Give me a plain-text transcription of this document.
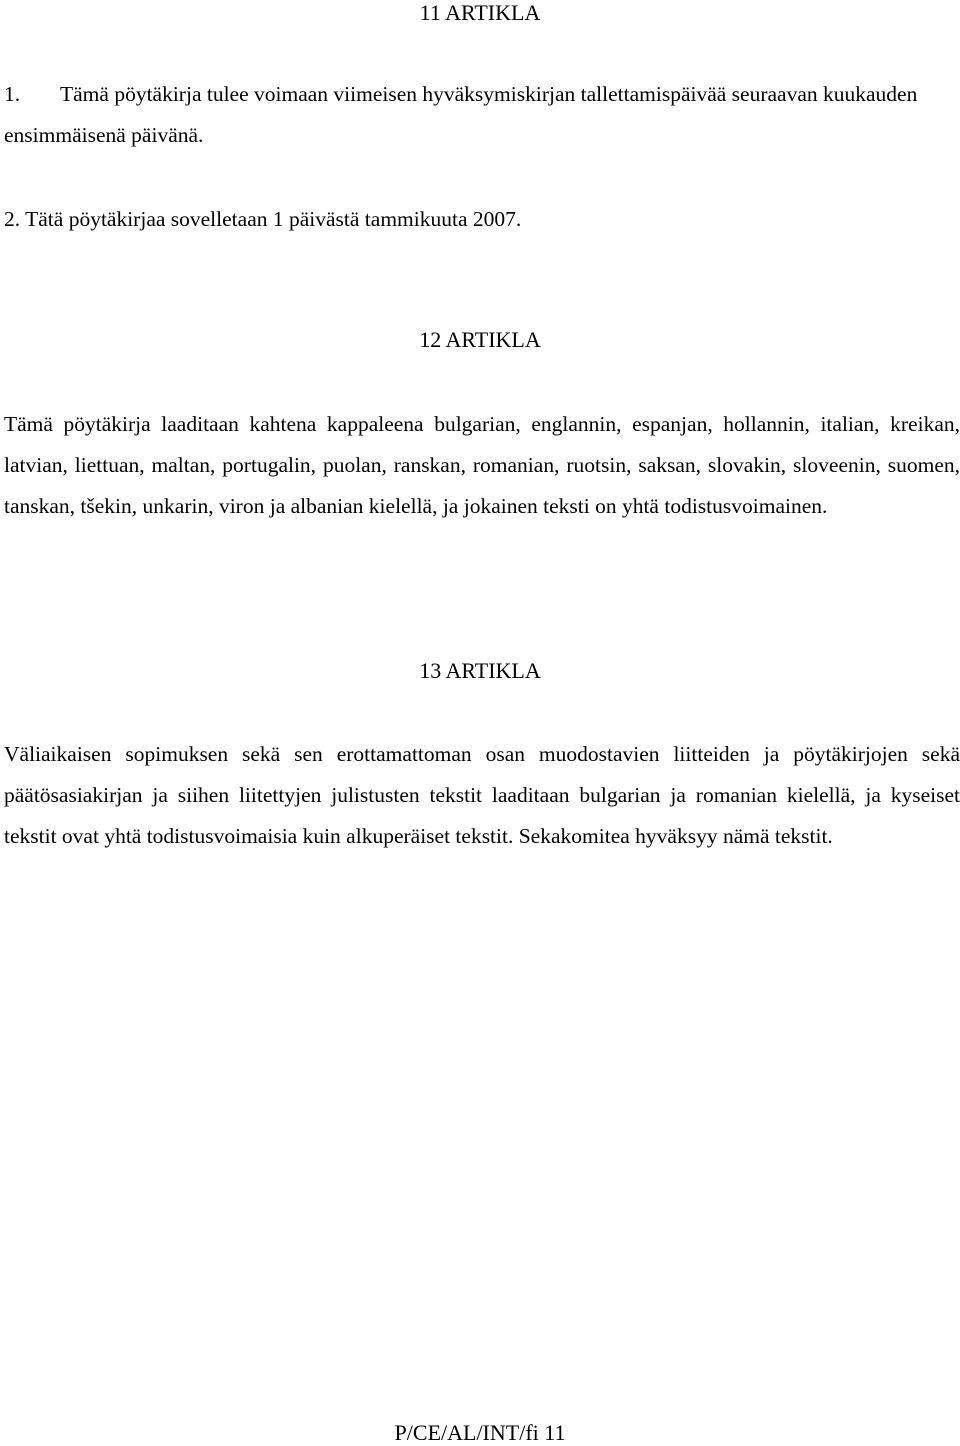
11 ARTIKLA

1. Tämä pöytäkirja tulee voimaan viimeisen hyväksymiskirjan tallettamispäivää seuraavan kuukauden ensimmäisenä päivänä.

2. Tätä pöytäkirjaa sovelletaan 1 päivästä tammikuuta 2007.

12 ARTIKLA

Tämä pöytäkirja laaditaan kahtena kappaleena bulgarian, englannin, espanjan, hollannin, italian, kreikan, latvian, liettuan, maltan, portugalin, puolan, ranskan, romanian, ruotsin, saksan, slovakin, sloveenin, suomen, tanskan, tšekin, unkarin, viron ja albanian kielellä, ja jokainen teksti on yhtä todistusvoimainen.

13 ARTIKLA

Väliaikaisen sopimuksen sekä sen erottamattoman osan muodostavien liitteiden ja pöytäkirjojen sekä päätösasiakirjan ja siihen liitettyjen julistusten tekstit laaditaan bulgarian ja romanian kielellä, ja kyseiset tekstit ovat yhtä todistusvoimaisia kuin alkuperäiset tekstit. Sekakomitea hyväksyy nämä tekstit.

P/CE/AL/INT/fi 11
